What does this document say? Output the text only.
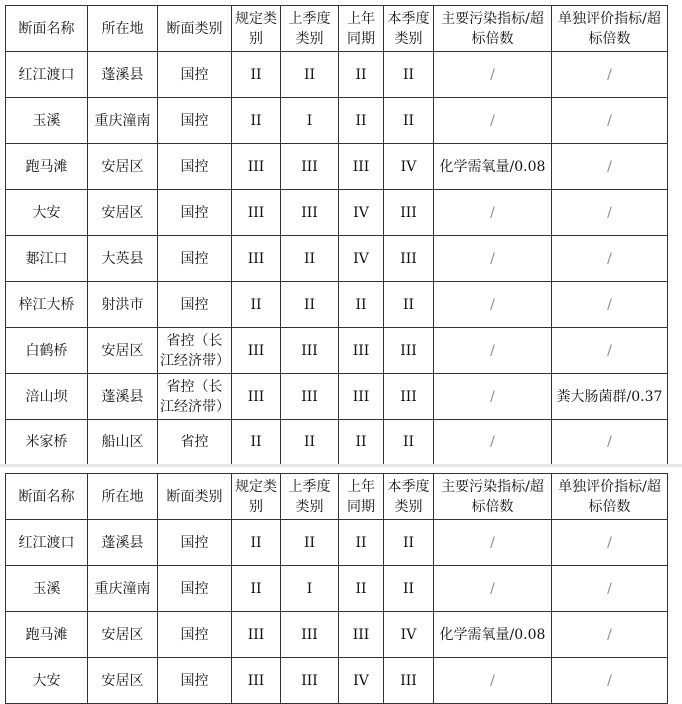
断面名称	所在地	断面类别	规定类别	上季度类别	上年同期	本季度类别	主要污染指标/超标倍数	单独评价指标/超标倍数
红江渡口	蓬溪县	国控	II	II	II	II	/	/
玉溪	重庆潼南	国控	II	I	II	II	/	/
跑马滩	安居区	国控	III	III	III	IV	化学需氧量/0.08	/
大安	安居区	国控	III	III	IV	III	/	/
郪江口	大英县	国控	III	II	IV	III	/	/
梓江大桥	射洪市	国控	II	II	II	II	/	/
白鹤桥	安居区	省控（长江经济带）	III	III	III	III	/	/
涪山坝	蓬溪县	省控（长江经济带）	III	III	III	III	/	粪大肠菌群/0.37
米家桥	船山区	省控	II	II	II	II	/	/
断面名称	所在地	断面类别	规定类别	上季度类别	上年同期	本季度类别	主要污染指标/超标倍数	单独评价指标/超标倍数
红江渡口	蓬溪县	国控	II	II	II	II	/	/
玉溪	重庆潼南	国控	II	I	II	II	/	/
跑马滩	安居区	国控	III	III	III	IV	化学需氧量/0.08	/
大安	安居区	国控	III	III	IV	III	/	/
